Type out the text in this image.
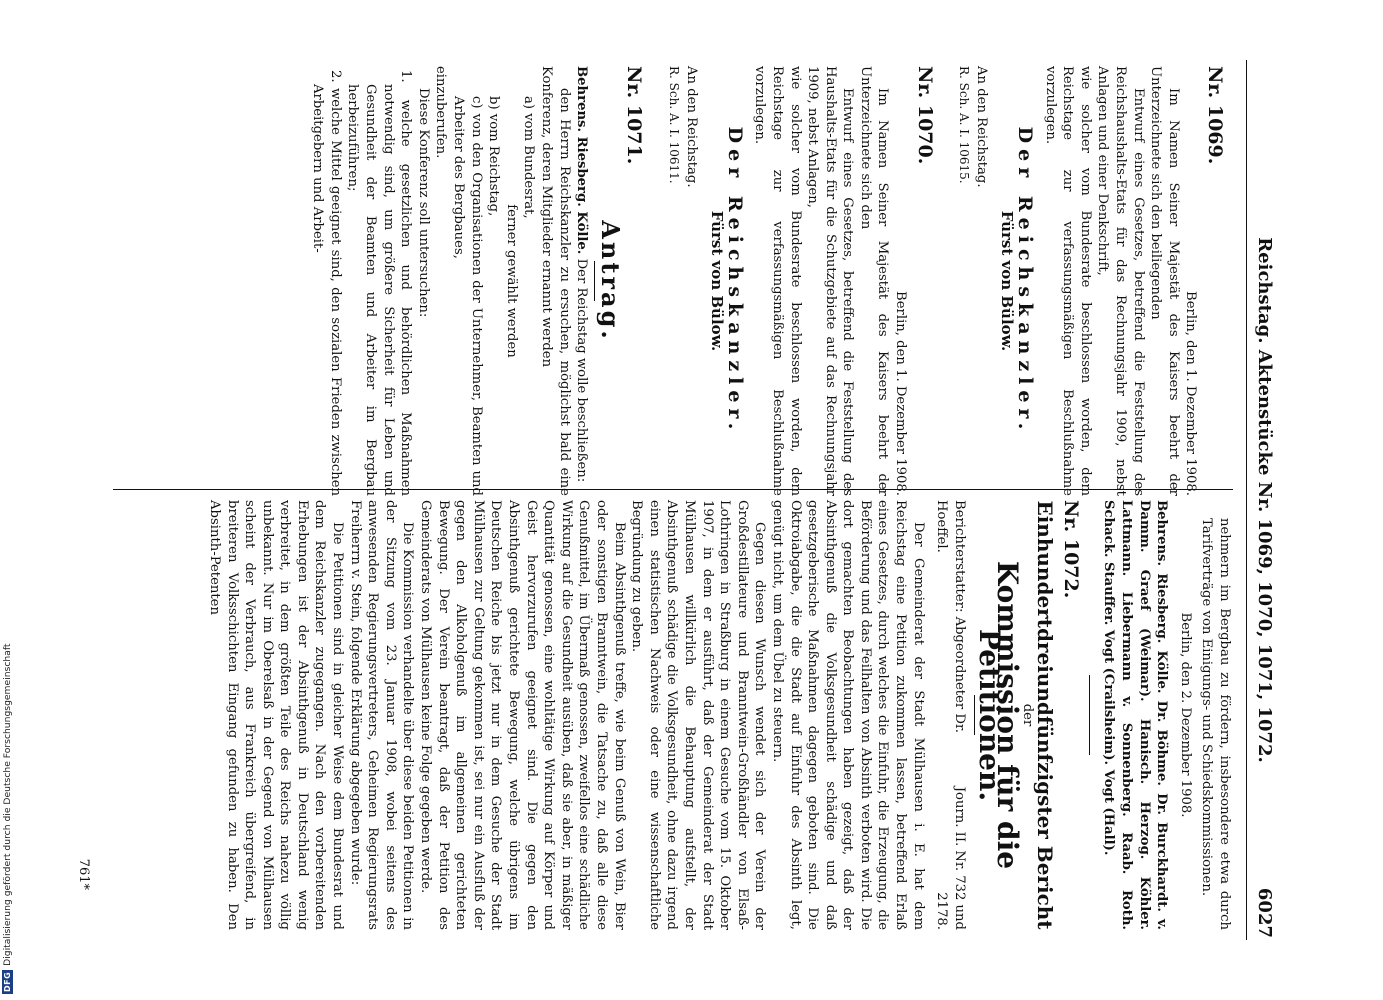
DFGDigitalisierung gefördert durch die Deutsche Forschungsgemeinschaft
Reichstag. Aktenstücke Nr. 1069, 1070, 1071, 1072.
6027

Nr. 1069.

Berlin, den 1. Dezember 1908.

Im Namen Seiner Majestät des Kaisers beehrt der Unterzeichnete sich den beiliegenden

Entwurf eines Gesetzes, betreffend die Feststellung des Reichshaushalts-Etats für das Rechnungsjahr 1909, nebst Anlagen und einer Denkschrift,

wie solcher vom Bundesrate beschlossen worden, dem Reichstage zur verfassungsmäßigen Beschlußnahme vorzulegen.

Der Reichskanzler.

Fürst von Bülow.

An den Reichstag.

R. Sch. A. I. 10615.

Nr. 1070.

Berlin, den 1. Dezember 1908.

Im Namen Seiner Majestät des Kaisers beehrt der Unterzeichnete sich den

Entwurf eines Gesetzes, betreffend die Feststellung des Haushalts-Etats für die Schutzgebiete auf das Rechnungsjahr 1909, nebst Anlagen,

wie solcher vom Bundesrate beschlossen worden, dem Reichstage zur verfassungsmäßigen Beschlußnahme vorzulegen.

Der Reichskanzler.

Fürst von Bülow.

An den Reichstag.

R. Sch. A. I. 10611.

Nr. 1071.

Antrag.

Behrens. Riesberg. Kölle. Der Reichstag wolle beschließen:

den Herrn Reichskanzler zu ersuchen, möglichst bald eine Konferenz, deren Mitglieder ernannt werden

a) vom Bundesrat,

ferner gewählt werden

b) vom Reichstag,

c) von den Organisationen der Unternehmer, Beamten und Arbeiter des Bergbaues,

einzuberufen.

Diese Konferenz soll untersuchen:

1. welche gesetzlichen und behördlichen Maßnahmen notwendig sind, um größere Sicherheit für Leben und Gesundheit der Beamten und Arbeiter im Bergbau herbeizuführen;

2. welche Mittel geeignet sind, den sozialen Frieden zwischen Arbeitgebern und Arbeit-

nehmern im Bergbau zu fördern, insbesondere etwa durch Tarifverträge von Einigungs- und Schiedskommissionen.

Berlin, den 2. Dezember 1908.

Behrens. Riesberg. Kölle. Dr. Böhme. Dr. Burckhardt. v. Damm. Graef (Weimar). Hanisch. Herzog. Köhler. Lattmann. Liebermann v. Sonnenberg. Raab. Roth. Schack. Stauffer. Vogt (Crailsheim). Vogt (Hall).

Nr. 1072.

Einhundertdreiundfünfzigster Bericht

der

Kommission für die Petitionen.

Berichterstatter: Abgeordneter Dr. Hoeffel.

Journ. II. Nr. 732 und 2178.

Der Gemeinderat der Stadt Mülhausen i. E. hat dem Reichstag eine Petition zukommen lassen, betreffend Erlaß eines Gesetzes, durch welches die Einfuhr, die Erzeugung, die Beförderung und das Feilhalten von Absinth verboten wird. Die dort gemachten Beobachtungen haben gezeigt, daß der Absinthgenuß die Volksgesundheit schädige und daß gesetzgeberische Maßnahmen dagegen geboten sind. Die Oktroiabgabe, die die Stadt auf Einfuhr des Absinth legt, genügt nicht, um dem Übel zu steuern.

Gegen diesen Wunsch wendet sich der Verein der Großdestillateure und Branntwein-Großhändler von Elsaß-Lothringen in Straßburg in einem Gesuche vom 15. Oktober 1907, in dem er ausführt, daß der Gemeinderat der Stadt Mülhausen willkürlich die Behauptung aufstellt, der Absinthgenuß schädige die Volksgesundheit, ohne dazu irgend einen statistischen Nachweis oder eine wissenschaftliche Begründung zu geben.

Beim Absinthgenuß treffe, wie beim Genuß von Wein, Bier oder sonstigen Branntwein, die Tatsache zu, daß alle diese Genußmittel, im Übermaß genossen, zweifellos eine schädliche Wirkung auf die Gesundheit ausüben, daß sie aber, in mäßiger Quantität genossen, eine wohltätige Wirkung auf Körper und Geist hervorzurufen geeignet sind. Die gegen den Absinthgenuß gerichtete Bewegung, welche übrigens im Deutschen Reiche bis jetzt nur in dem Gesuche der Stadt Mülhausen zur Geltung gekommen ist, sei nur ein Ausfluß der gegen den Alkoholgenuß im allgemeinen gerichteten Bewegung. Der Verein beantragt, daß der Petition des Gemeinderats von Mülhausen keine Folge gegeben werde.

Die Kommission verhandelte über diese beiden Petitionen in der Sitzung vom 23. Januar 1908, wobei seitens des anwesenden Regierungsvertreters, Geheimen Regierungsrats Freiherrn v. Stein, folgende Erklärung abgegeben wurde:

Die Petitionen sind in gleicher Weise dem Bundesrat und dem Reichskanzler zugegangen. Nach den vorbereitenden Erhebungen ist der Absinthgenuß in Deutschland wenig verbreitet, in dem größten Teile des Reichs nahezu völlig unbekannt. Nur im Oberelsaß in der Gegend von Mülhausen scheint der Verbrauch, aus Frankreich übergreifend, in breiteren Volksschichten Eingang gefunden zu haben. Den Absinth-Petenten

761*
